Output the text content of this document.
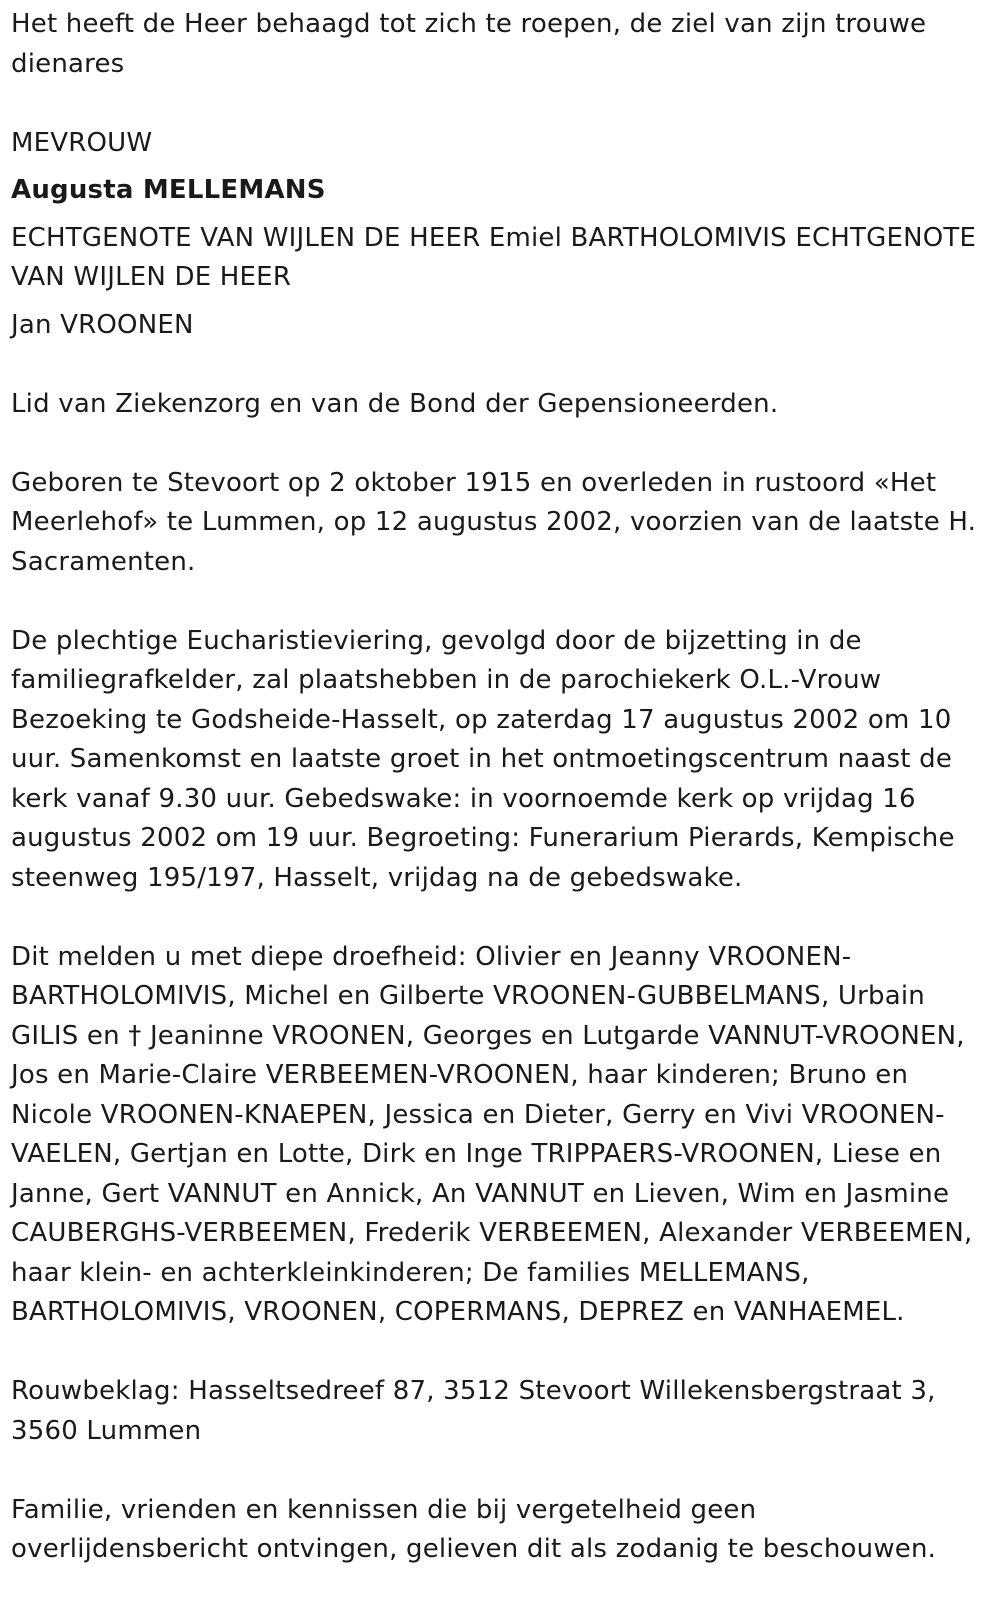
Het heeft de Heer behaagd tot zich te roepen, de ziel van zijn trouwe dienares

MEVROUW

Augusta MELLEMANS

ECHTGENOTE VAN WIJLEN DE HEER Emiel BARTHOLOMIVIS ECHTGENOTE VAN WIJLEN DE HEER

Jan VROONEN

Lid van Ziekenzorg en van de Bond der Gepensioneerden.

Geboren te Stevoort op 2 oktober 1915 en overleden in rustoord «Het Meerlehof» te Lummen, op 12 augustus 2002, voorzien van de laatste H. Sacramenten.

De plechtige Eucharistieviering, gevolgd door de bijzetting in de familiegrafkelder, zal plaatshebben in de parochiekerk O.L.-Vrouw Bezoeking te Godsheide-Hasselt, op zaterdag 17 augustus 2002 om 10 uur. Samenkomst en laatste groet in het ontmoetingscentrum naast de kerk vanaf 9.30 uur. Gebedswake: in voornoemde kerk op vrijdag 16 augustus 2002 om 19 uur. Begroeting: Funerarium Pierards, Kempische steenweg 195/197, Hasselt, vrijdag na de gebedswake.

Dit melden u met diepe droefheid: Olivier en Jeanny VROONEN-BARTHOLOMIVIS, Michel en Gilberte VROONEN-GUBBELMANS, Urbain GILIS en † Jeaninne VROONEN, Georges en Lutgarde VANNUT-VROONEN, Jos en Marie-Claire VERBEEMEN-VROONEN, haar kinderen; Bruno en Nicole VROONEN-KNAEPEN, Jessica en Dieter, Gerry en Vivi VROONEN-VAELEN, Gertjan en Lotte, Dirk en Inge TRIPPAERS-VROONEN, Liese en Janne, Gert VANNUT en Annick, An VANNUT en Lieven, Wim en Jasmine CAUBERGHS-VERBEEMEN, Frederik VERBEEMEN, Alexander VERBEEMEN, haar klein- en achterkleinkinderen; De families MELLEMANS, BARTHOLOMIVIS, VROONEN, COPERMANS, DEPREZ en VANHAEMEL.

Rouwbeklag: Hasseltsedreef 87, 3512 Stevoort Willekensbergstraat 3, 3560 Lummen

Familie, vrienden en kennissen die bij vergetelheid geen overlijdensbericht ontvingen, gelieven dit als zodanig te beschouwen.
